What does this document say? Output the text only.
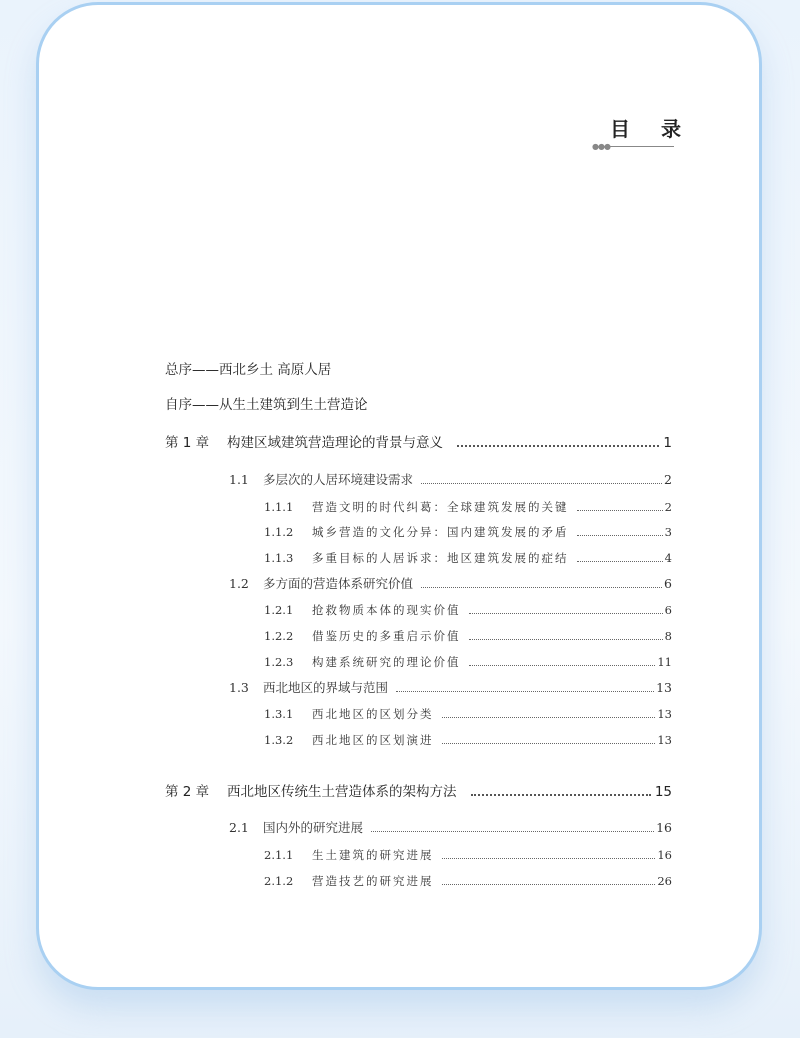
目 录
●●●
总序——西北乡土 高原人居
自序——从生土建筑到生土营造论
第 1 章	构建区域建筑营造理论的背景与意义	1
1.1	多层次的人居环境建设需求	2
1.1.1	营造文明的时代纠葛：全球建筑发展的关键	2
1.1.2	城乡营造的文化分异：国内建筑发展的矛盾	3
1.1.3	多重目标的人居诉求：地区建筑发展的症结	4
1.2	多方面的营造体系研究价值	6
1.2.1	抢救物质本体的现实价值	6
1.2.2	借鉴历史的多重启示价值	8
1.2.3	构建系统研究的理论价值	11
1.3	西北地区的界域与范围	13
1.3.1	西北地区的区划分类	13
1.3.2	西北地区的区划演进	13
第 2 章	西北地区传统生土营造体系的架构方法	15
2.1	国内外的研究进展	16
2.1.1	生土建筑的研究进展	16
2.1.2	营造技艺的研究进展	26
